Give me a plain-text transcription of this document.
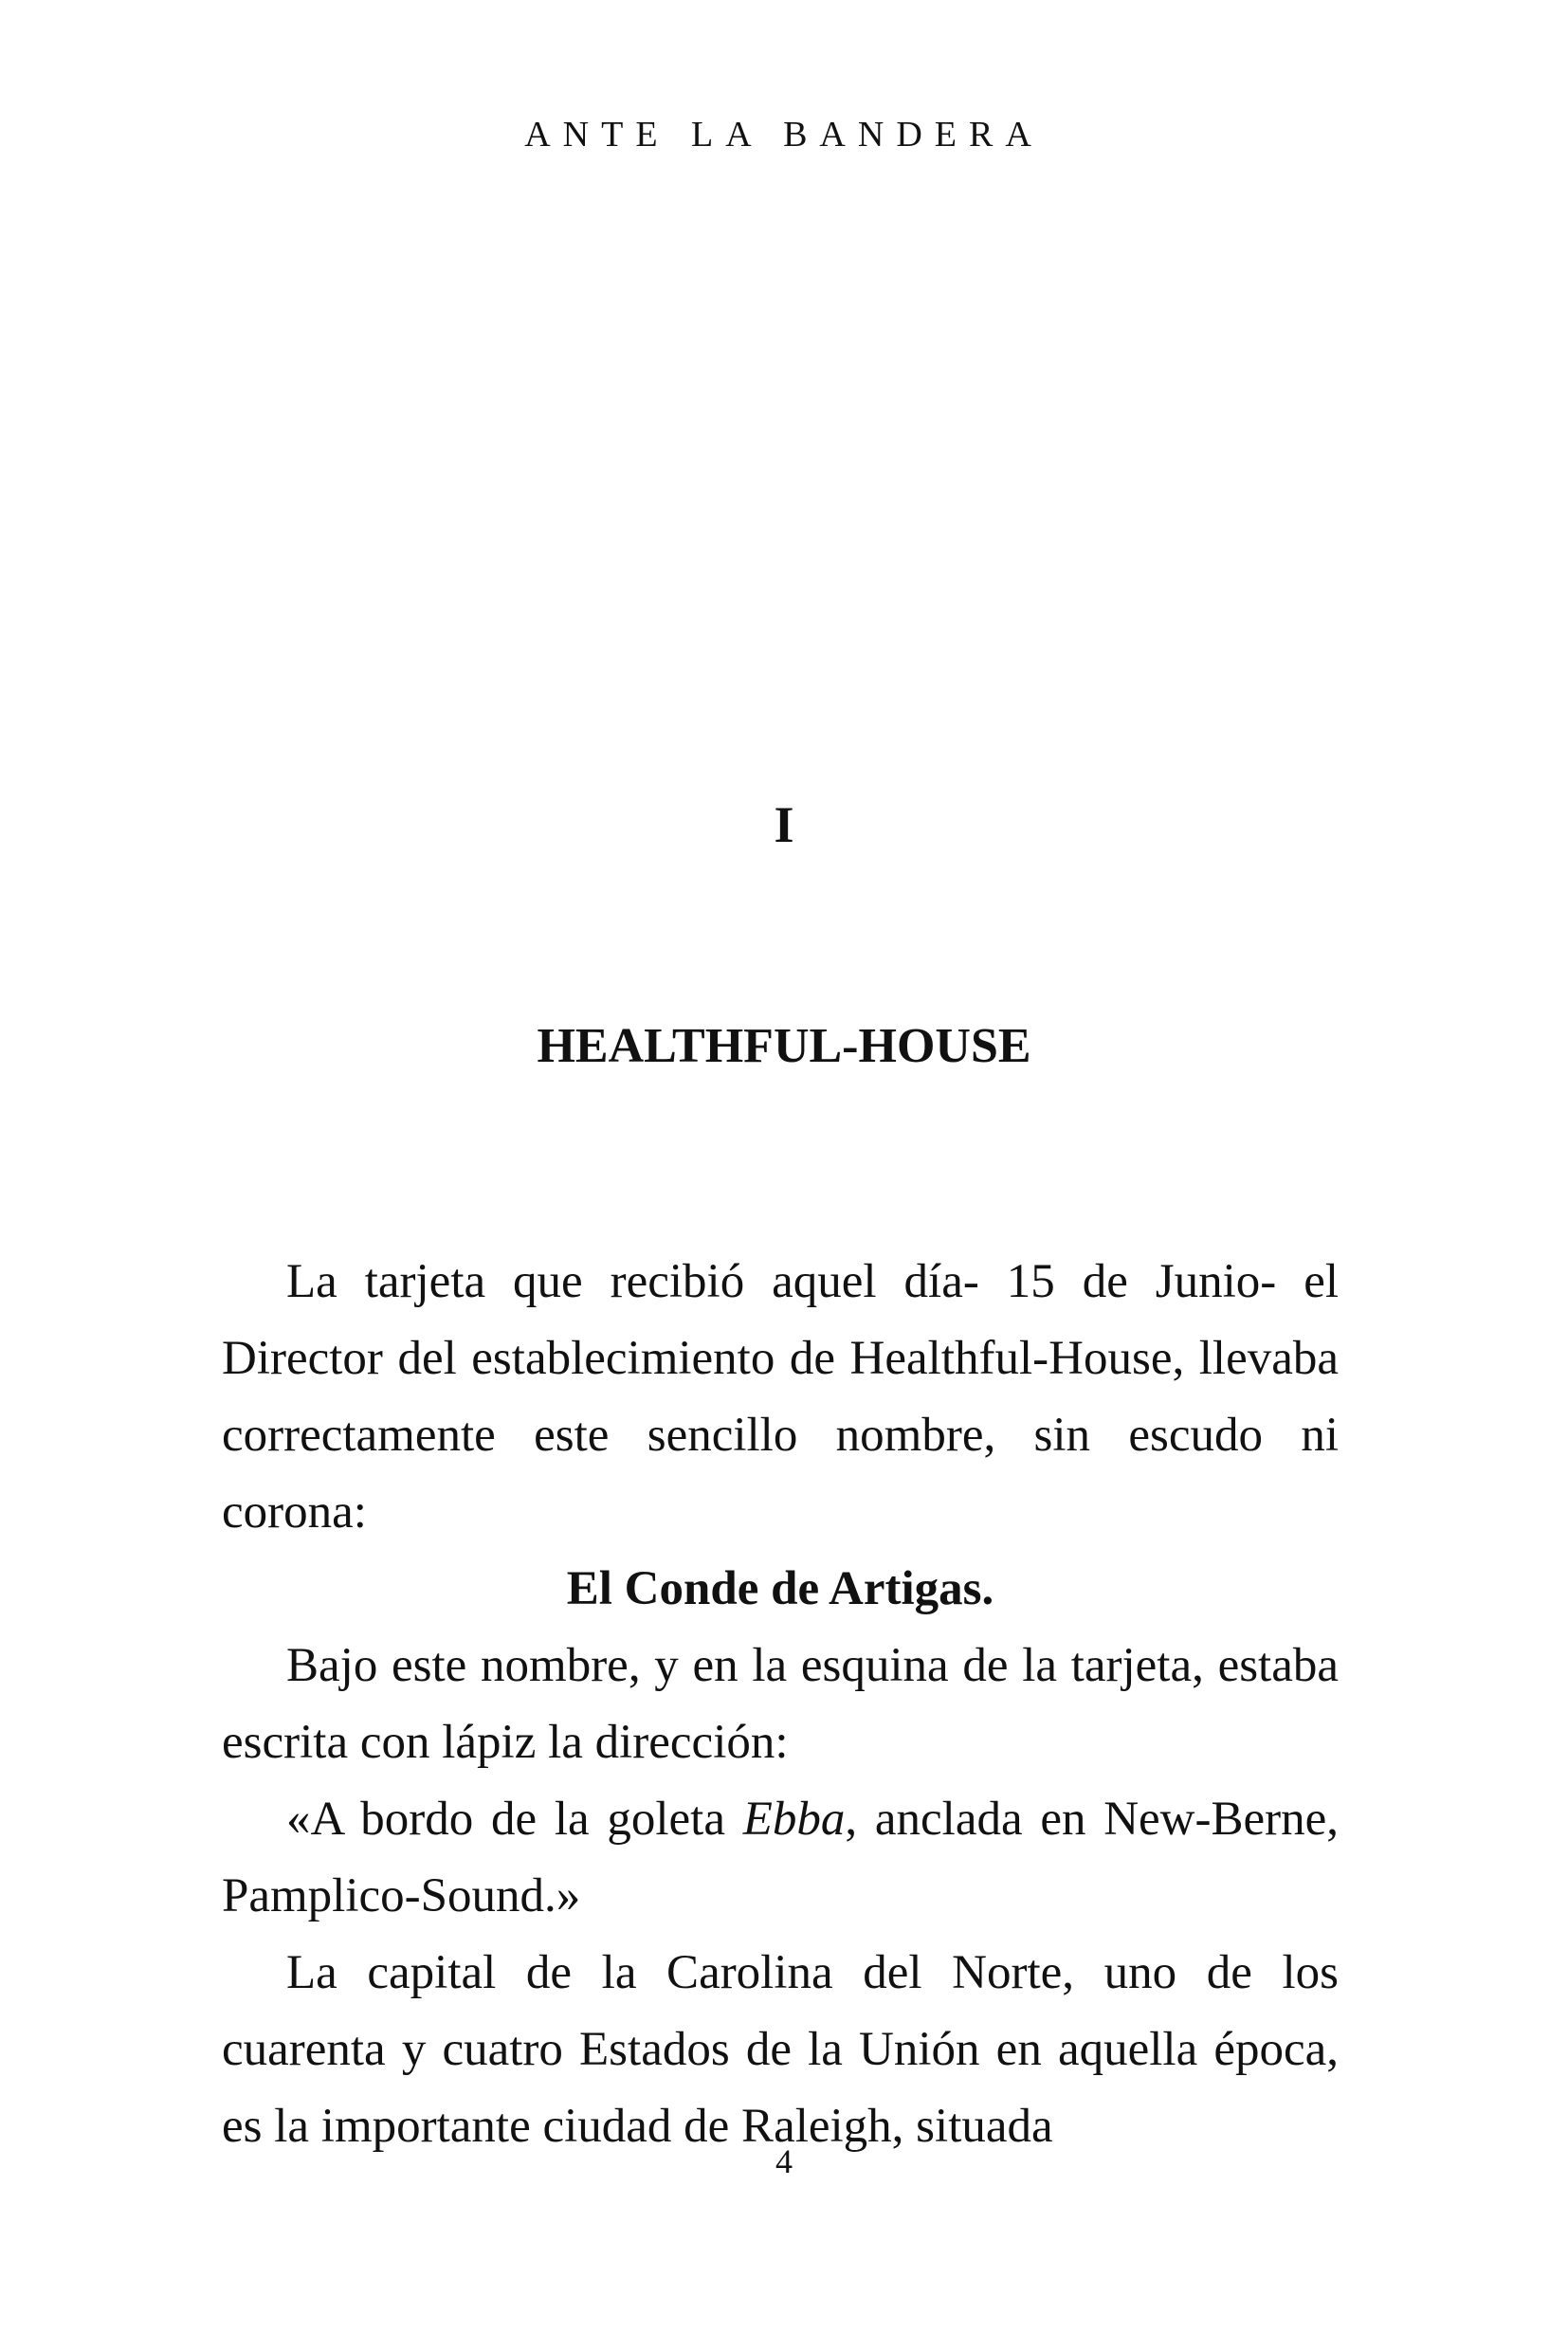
ANTE LA BANDERA
I
HEALTHFUL-HOUSE

La tarjeta que recibió aquel día- 15 de Junio- el Director del establecimiento de Healthful-House, llevaba correctamente este sencillo nombre, sin escudo ni corona:

El Conde de Artigas.

Bajo este nombre, y en la esquina de la tarjeta, estaba escrita con lápiz la dirección:

«A bordo de la goleta Ebba, anclada en New-Berne, Pamplico-Sound.»

La capital de la Carolina del Norte, uno de los cuarenta y cuatro Estados de la Unión en aquella época, es la importante ciudad de Raleigh, situada

4
